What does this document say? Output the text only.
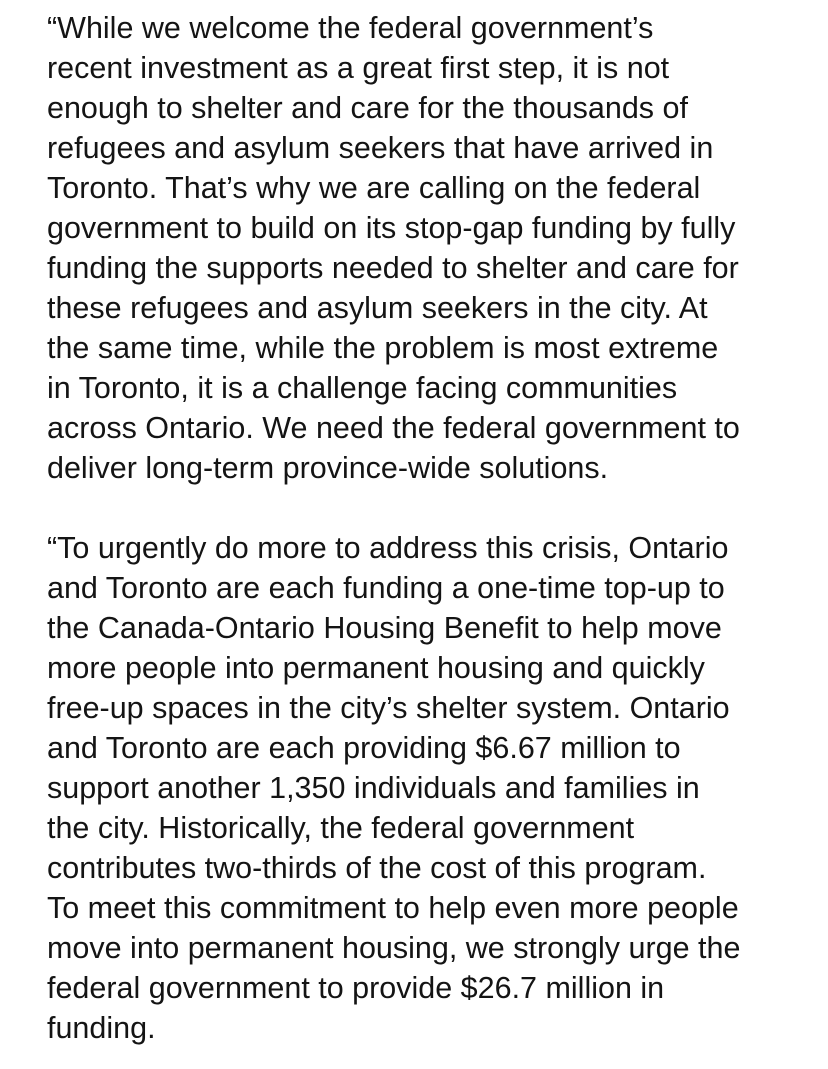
“While we welcome the federal government’s
recent investment as a great first step, it is not
enough to shelter and care for the thousands of
refugees and asylum seekers that have arrived in
Toronto. That’s why we are calling on the federal
government to build on its stop-gap funding by fully
funding the supports needed to shelter and care for
these refugees and asylum seekers in the city. At
the same time, while the problem is most extreme
in Toronto, it is a challenge facing communities
across Ontario. We need the federal government to
deliver long-term province-wide solutions.
“To urgently do more to address this crisis, Ontario
and Toronto are each funding a one-time top-up to
the Canada-Ontario Housing Benefit to help move
more people into permanent housing and quickly
free-up spaces in the city’s shelter system. Ontario
and Toronto are each providing $6.67 million to
support another 1,350 individuals and families in
the city. Historically, the federal government
contributes two-thirds of the cost of this program.
To meet this commitment to help even more people
move into permanent housing, we strongly urge the
federal government to provide $26.7 million in
funding.
